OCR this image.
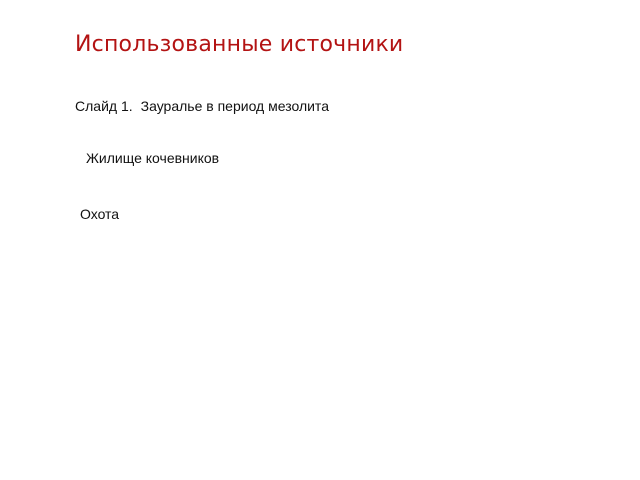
Использованные источники
Слайд 1. Зауралье в период мезолита
Жилище кочевников
Охота
